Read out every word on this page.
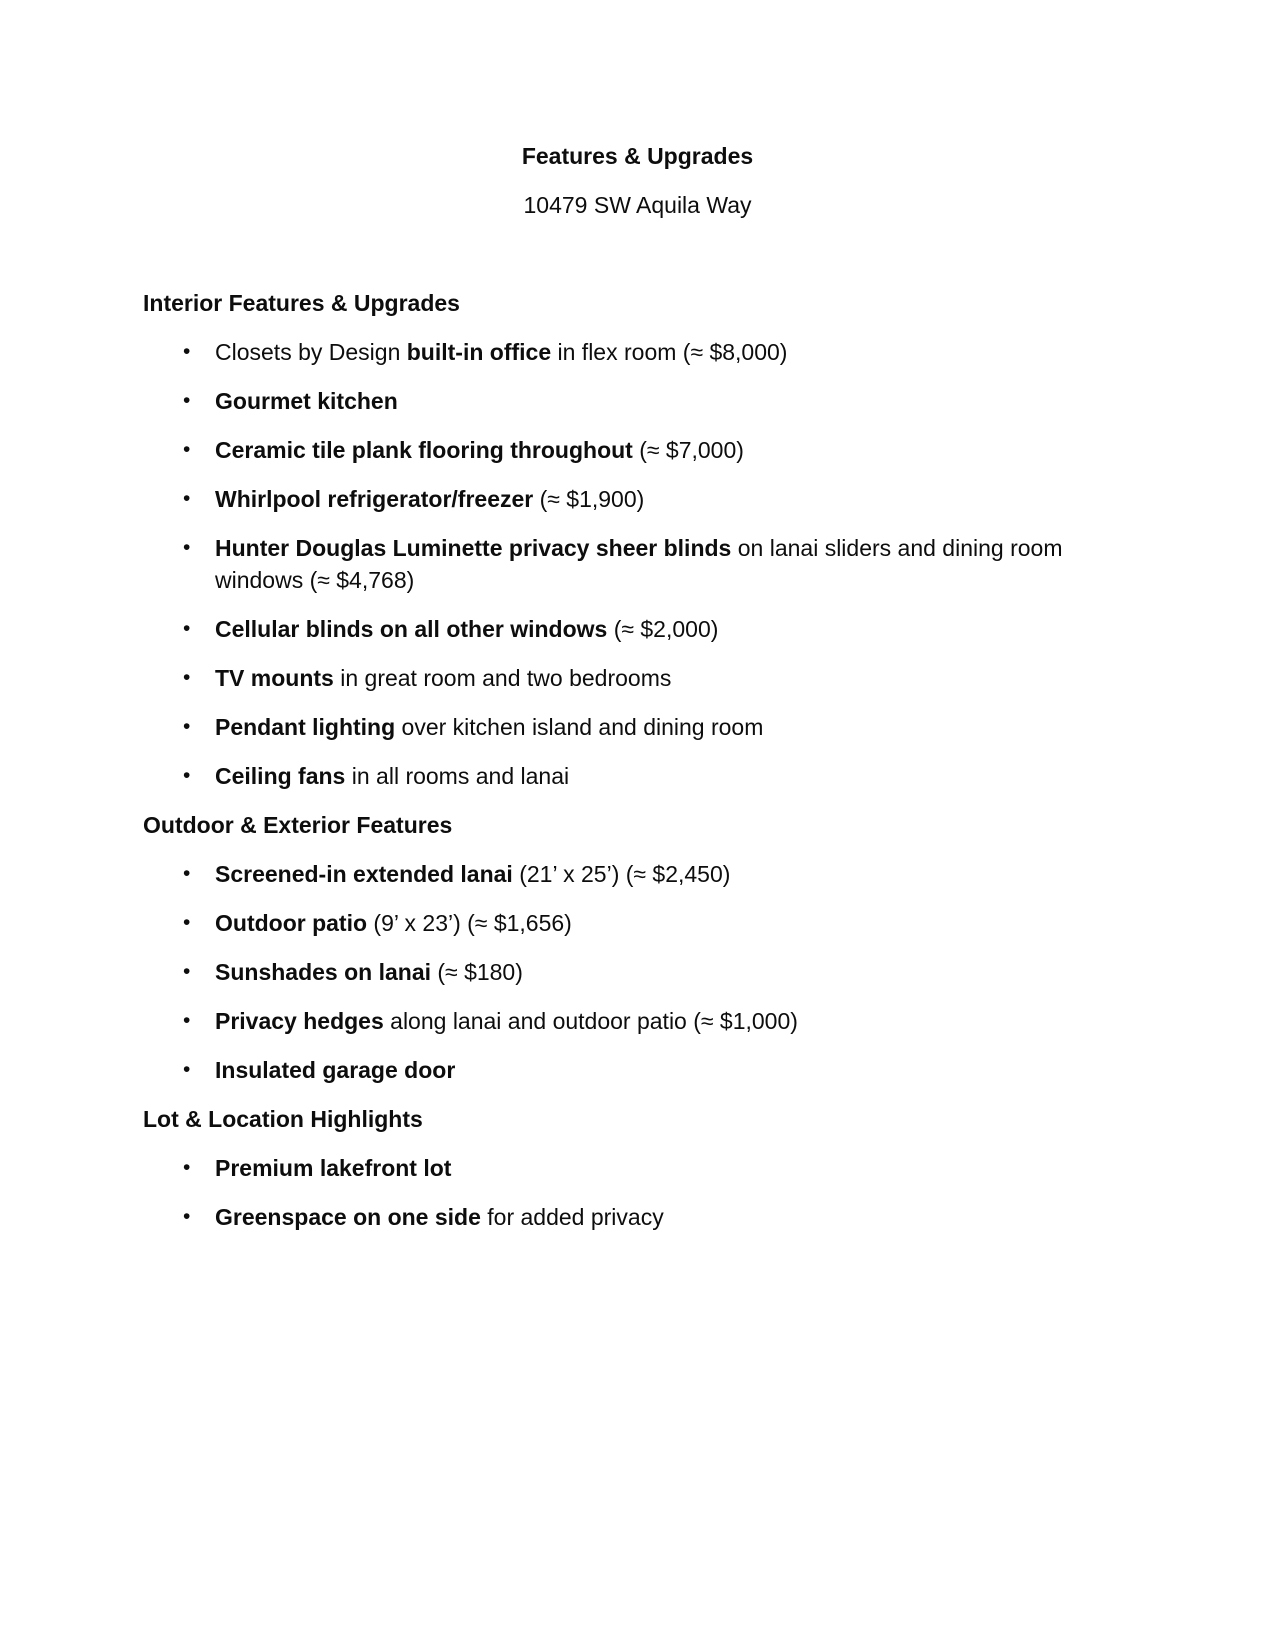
Features & Upgrades

10479 SW Aquila Way

Interior Features & Upgrades

• Closets by Design built-in office in flex room (≈ $8,000)
• Gourmet kitchen
• Ceramic tile plank flooring throughout (≈ $7,000)
• Whirlpool refrigerator/freezer (≈ $1,900)
• Hunter Douglas Luminette privacy sheer blinds on lanai sliders and dining room windows (≈ $4,768)
• Cellular blinds on all other windows (≈ $2,000)
• TV mounts in great room and two bedrooms
• Pendant lighting over kitchen island and dining room
• Ceiling fans in all rooms and lanai

Outdoor & Exterior Features

• Screened-in extended lanai (21’ x 25’) (≈ $2,450)
• Outdoor patio (9’ x 23’) (≈ $1,656)
• Sunshades on lanai (≈ $180)
• Privacy hedges along lanai and outdoor patio (≈ $1,000)
• Insulated garage door

Lot & Location Highlights

• Premium lakefront lot
• Greenspace on one side for added privacy
